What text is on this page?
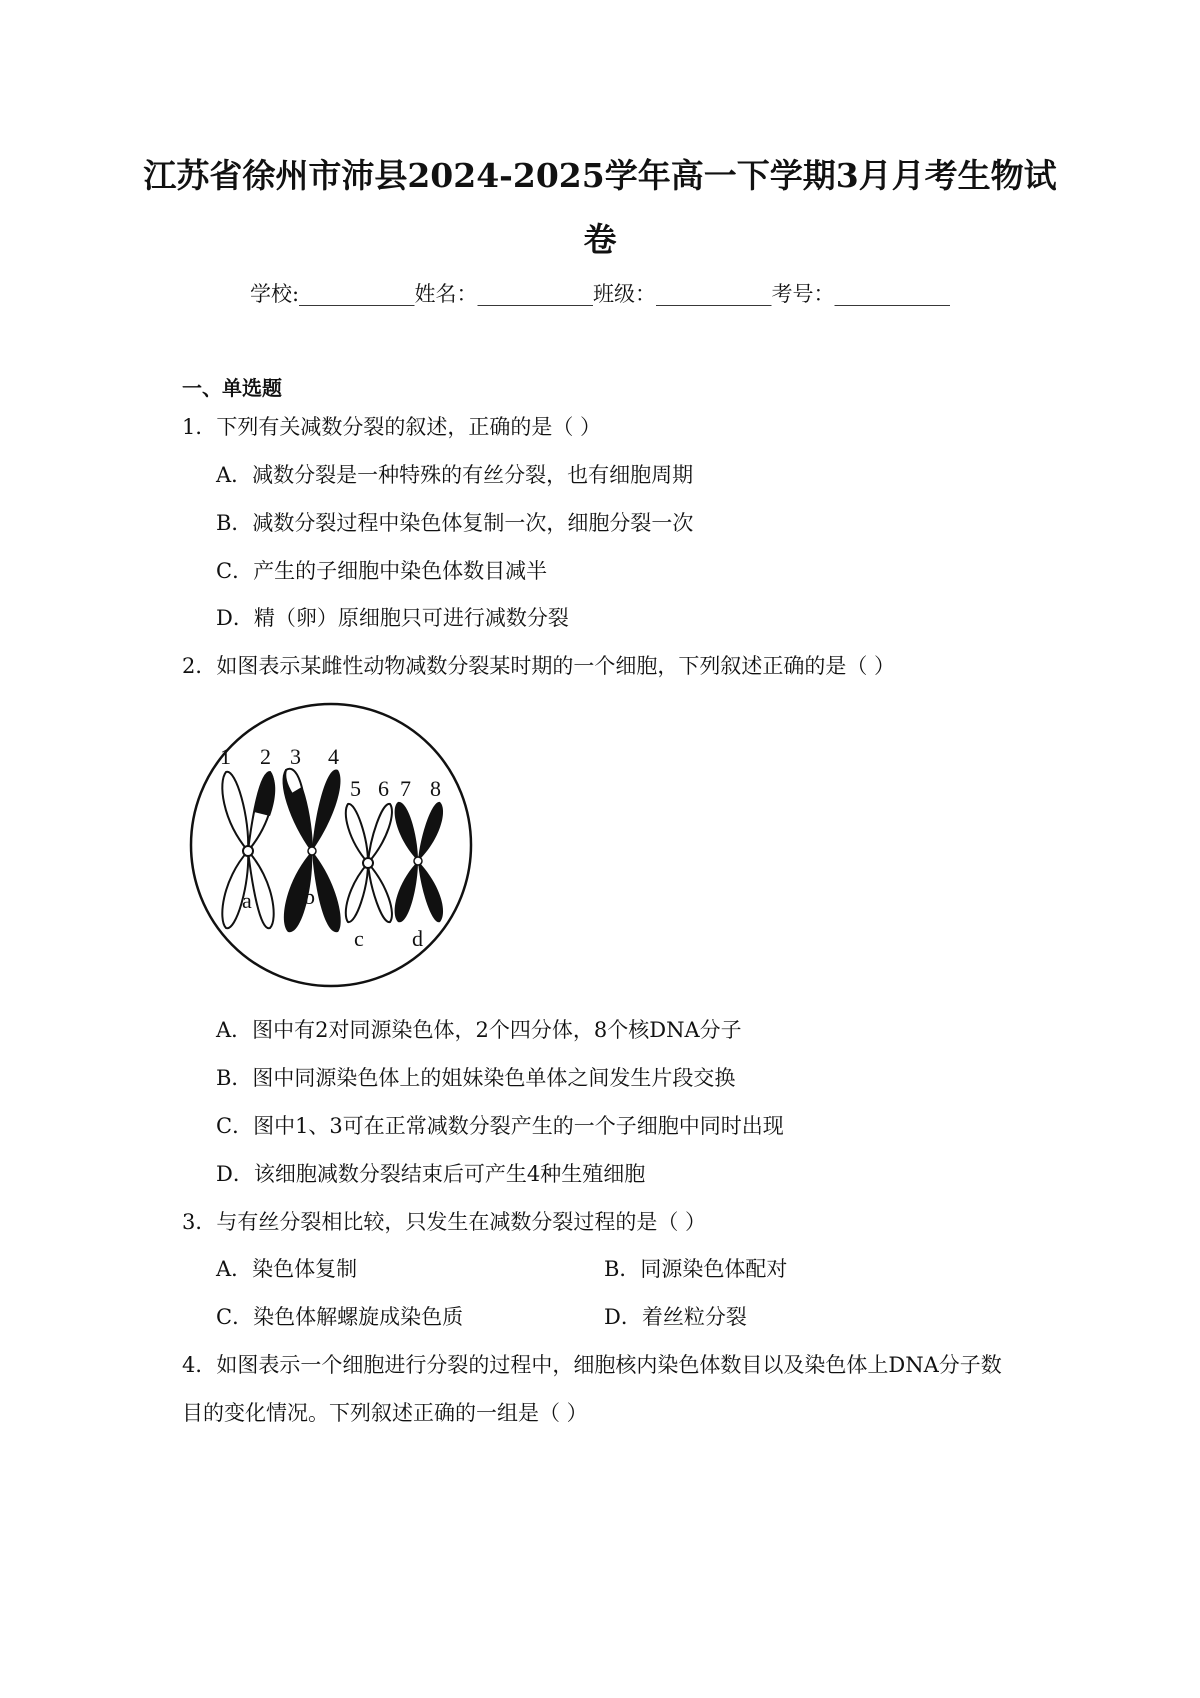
江苏省徐州市沛县2024-2025学年高一下学期3月月考生物试
卷
学校:___________姓名：___________班级：___________考号：___________
一、单选题
1．下列有关减数分裂的叙述，正确的是（ ）
A．减数分裂是一种特殊的有丝分裂，也有细胞周期
B．减数分裂过程中染色体复制一次，细胞分裂一次
C．产生的子细胞中染色体数目减半
D．精（卵）原细胞只可进行减数分裂
2．如图表示某雌性动物减数分裂某时期的一个细胞，下列叙述正确的是（ ）
1 2 3 4
5 6 7 8
a b
c d
A．图中有2对同源染色体，2个四分体，8个核DNA分子
B．图中同源染色体上的姐妹染色单体之间发生片段交换
C．图中1、3可在正常减数分裂产生的一个子细胞中同时出现
D．该细胞减数分裂结束后可产生4种生殖细胞
3．与有丝分裂相比较，只发生在减数分裂过程的是（ ）
A．染色体复制	B．同源染色体配对
C．染色体解螺旋成染色质	D．着丝粒分裂
4．如图表示一个细胞进行分裂的过程中，细胞核内染色体数目以及染色体上DNA分子数
目的变化情况。下列叙述正确的一组是（ ）
